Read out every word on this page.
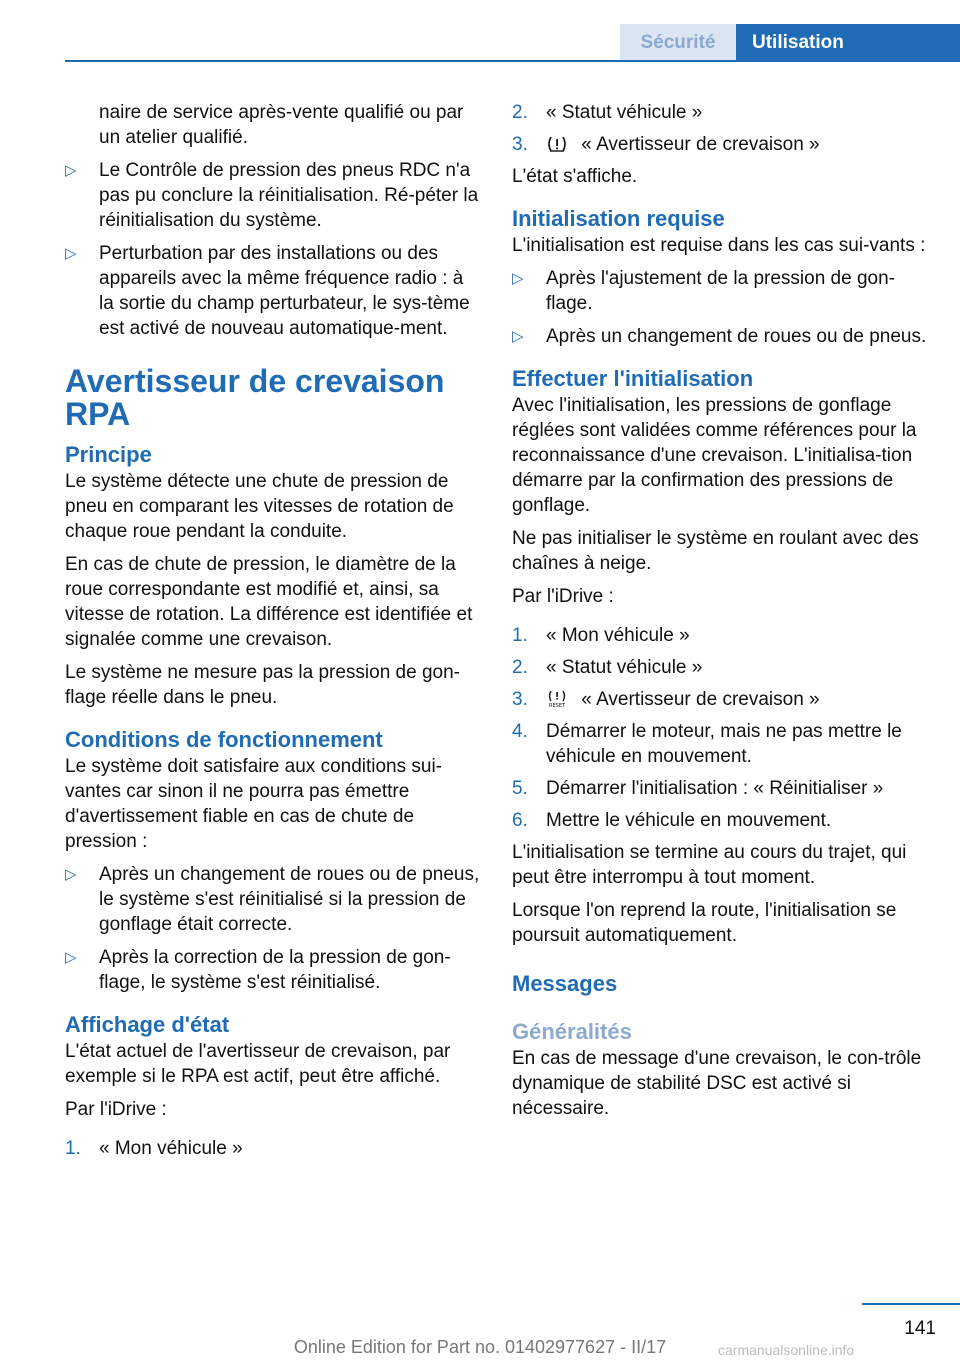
Sécurité	Utilisation

naire de service après-vente qualifié ou par un atelier qualifié.

▷ Le Contrôle de pression des pneus RDC n'a pas pu conclure la réinitialisation. Ré‐péter la réinitialisation du système.
▷ Perturbation par des installations ou des appareils avec la même fréquence radio : à la sortie du champ perturbateur, le sys‐tème est activé de nouveau automatique‐ment.
Avertisseur de crevaison RPA
Principe

Le système détecte une chute de pression de pneu en comparant les vitesses de rotation de chaque roue pendant la conduite.

En cas de chute de pression, le diamètre de la roue correspondante est modifié et, ainsi, sa vitesse de rotation. La différence est identifiée et signalée comme une crevaison.

Le système ne mesure pas la pression de gon‐flage réelle dans le pneu.

Conditions de fonctionnement

Le système doit satisfaire aux conditions sui‐vantes car sinon il ne pourra pas émettre d'avertissement fiable en cas de chute de pression :

▷ Après un changement de roues ou de pneus, le système s'est réinitialisé si la pression de gonflage était correcte.
▷ Après la correction de la pression de gon‐flage, le système s'est réinitialisé.
Affichage d'état

L'état actuel de l'avertisseur de crevaison, par exemple si le RPA est actif, peut être affiché.

Par l'iDrive :

1. « Mon véhicule »
2. « Statut véhicule »
3.	« Avertisseur de crevaison »

L'état s'affiche.

Initialisation requise

L'initialisation est requise dans les cas sui‐vants :

▷ Après l'ajustement de la pression de gon‐flage.
▷ Après un changement de roues ou de pneus.
Effectuer l'initialisation

Avec l'initialisation, les pressions de gonflage réglées sont validées comme références pour la reconnaissance d'une crevaison. L'initialisa‐tion démarre par la confirmation des pressions de gonflage.

Ne pas initialiser le système en roulant avec des chaînes à neige.

Par l'iDrive :

1. « Mon véhicule »
2. « Statut véhicule »
3.	RESET « Avertisseur de crevaison »
4. Démarrer le moteur, mais ne pas mettre le véhicule en mouvement.
5. Démarrer l'initialisation : « Réinitialiser »
6. Mettre le véhicule en mouvement.

L'initialisation se termine au cours du trajet, qui peut être interrompu à tout moment.

Lorsque l'on reprend la route, l'initialisation se poursuit automatiquement.

Messages
Généralités

En cas de message d'une crevaison, le con‐trôle dynamique de stabilité DSC est activé si nécessaire.

141
Online Edition for Part no. 01402977627 - II/17	carmanualsonline.info
